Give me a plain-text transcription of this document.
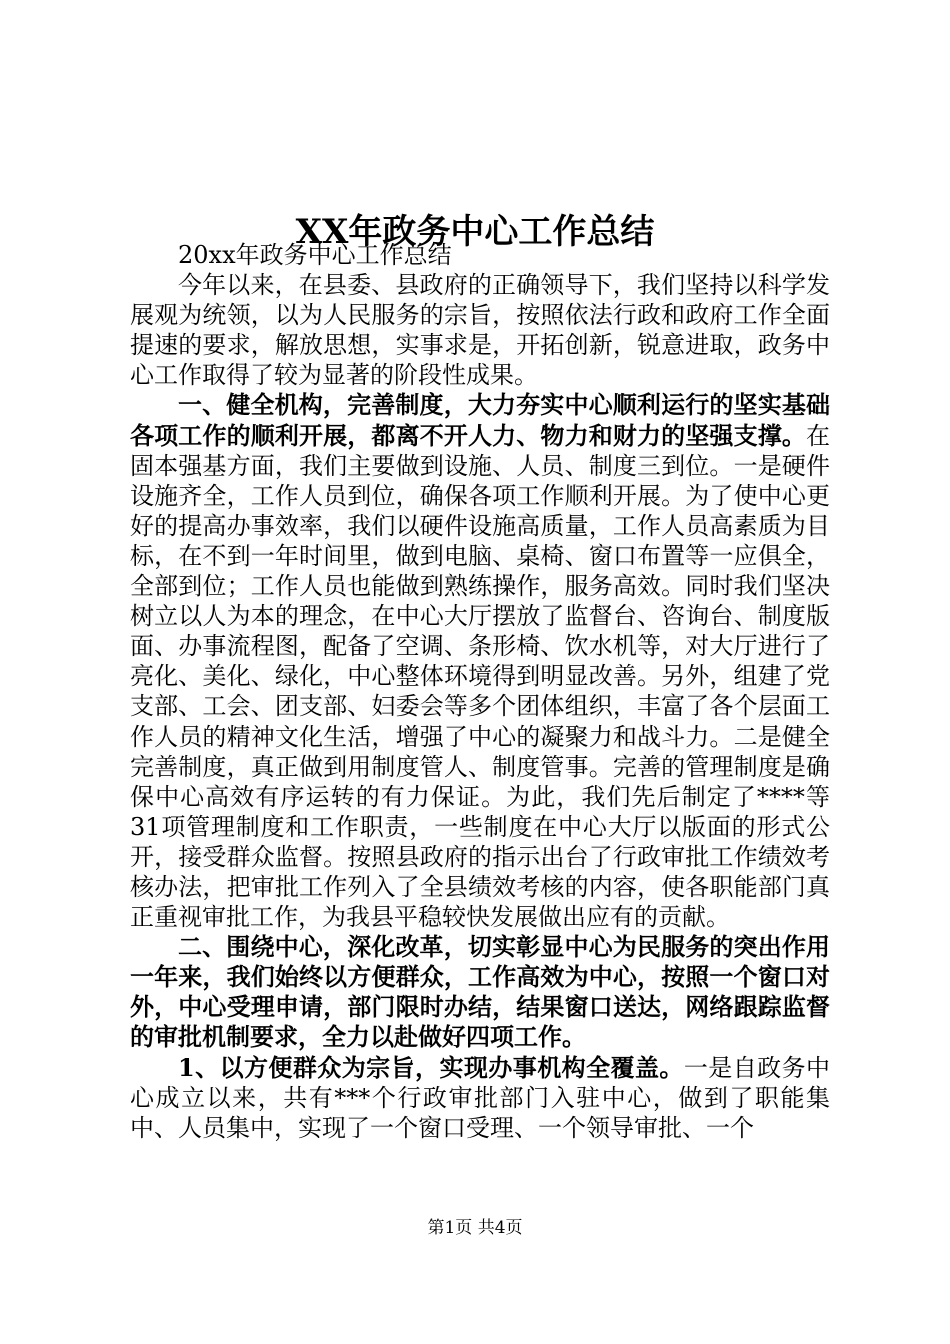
XX年政务中心工作总结

20xx年政务中心工作总结

今年以来，在县委、县政府的正确领导下，我们坚持以科学发展观为统领，以为人民服务的宗旨，按照依法行政和政府工作全面提速的要求，解放思想，实事求是，开拓创新，锐意进取，政务中心工作取得了较为显著的阶段性成果。

一、健全机构，完善制度，大力夯实中心顺利运行的坚实基础各项工作的顺利开展，都离不开人力、物力和财力的坚强支撑。在固本强基方面，我们主要做到设施、人员、制度三到位。一是硬件设施齐全，工作人员到位，确保各项工作顺利开展。为了使中心更好的提高办事效率，我们以硬件设施高质量，工作人员高素质为目标，在不到一年时间里，做到电脑、桌椅、窗口布置等一应俱全，全部到位；工作人员也能做到熟练操作，服务高效。同时我们坚决树立以人为本的理念，在中心大厅摆放了监督台、咨询台、制度版面、办事流程图，配备了空调、条形椅、饮水机等，对大厅进行了亮化、美化、绿化，中心整体环境得到明显改善。另外，组建了党支部、工会、团支部、妇委会等多个团体组织，丰富了各个层面工作人员的精神文化生活，增强了中心的凝聚力和战斗力。二是健全完善制度，真正做到用制度管人、制度管事。完善的管理制度是确保中心高效有序运转的有力保证。为此，我们先后制定了****等31项管理制度和工作职责，一些制度在中心大厅以版面的形式公开，接受群众监督。按照县政府的指示出台了行政审批工作绩效考核办法，把审批工作列入了全县绩效考核的内容，使各职能部门真正重视审批工作，为我县平稳较快发展做出应有的贡献。

二、围绕中心，深化改革，切实彰显中心为民服务的突出作用一年来，我们始终以方便群众，工作高效为中心，按照一个窗口对外，中心受理申请，部门限时办结，结果窗口送达，网络跟踪监督的审批机制要求，全力以赴做好四项工作。

1、以方便群众为宗旨，实现办事机构全覆盖。一是自政务中心成立以来，共有***个行政审批部门入驻中心，做到了职能集中、人员集中，实现了一个窗口受理、一个领导审批、一个

第1页 共4页
